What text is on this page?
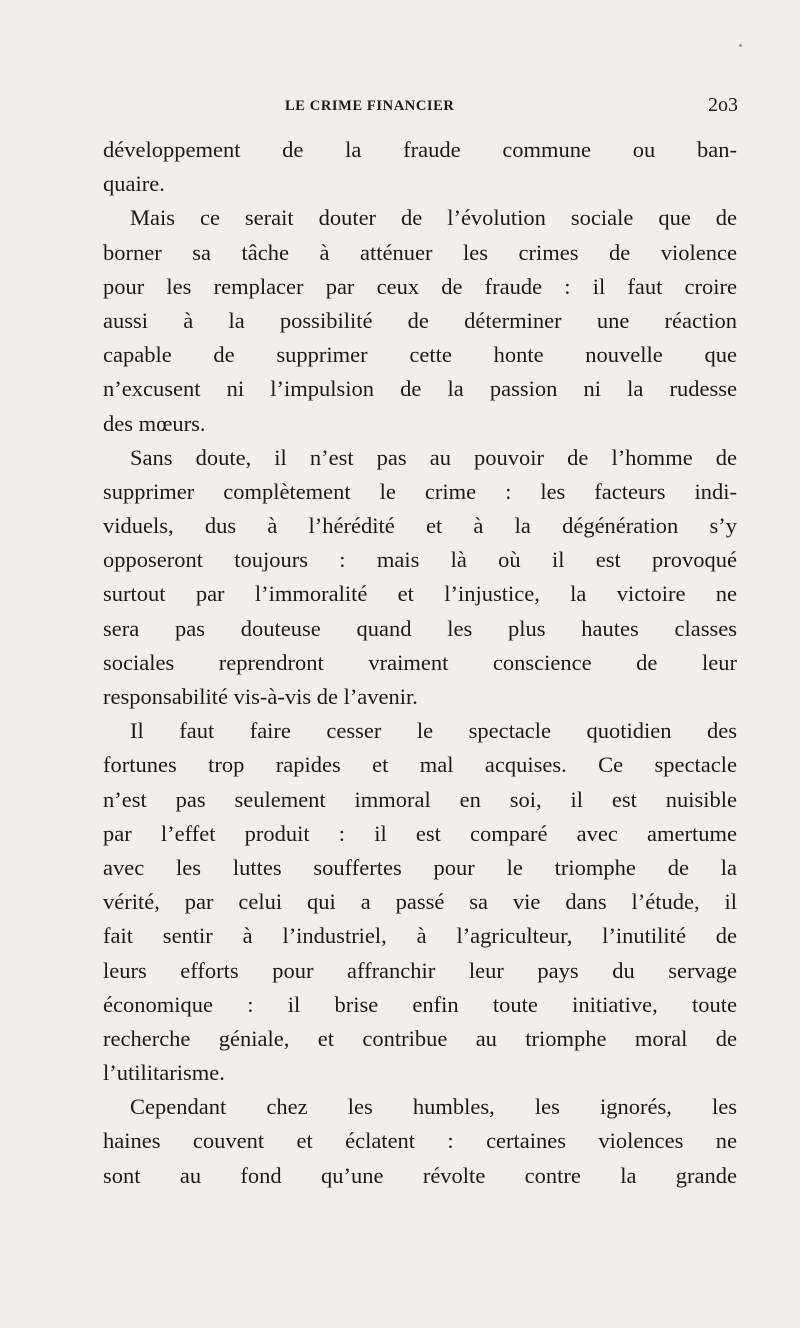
LE CRIME FINANCIER	2o3
développement de la fraude commune ou ban-
quaire.
Mais ce serait douter de l’évolution sociale que de
borner sa tâche à atténuer les crimes de violence
pour les remplacer par ceux de fraude : il faut croire
aussi à la possibilité de déterminer une réaction
capable de supprimer cette honte nouvelle que
n’excusent ni l’impulsion de la passion ni la rudesse
des mœurs.
Sans doute, il n’est pas au pouvoir de l’homme de
supprimer complètement le crime : les facteurs indi-
viduels, dus à l’hérédité et à la dégénération s’y
opposeront toujours : mais là où il est provoqué
surtout par l’immoralité et l’injustice, la victoire ne
sera pas douteuse quand les plus hautes classes
sociales reprendront vraiment conscience de leur
responsabilité vis-à-vis de l’avenir.
Il faut faire cesser le spectacle quotidien des
fortunes trop rapides et mal acquises. Ce spectacle
n’est pas seulement immoral en soi, il est nuisible
par l’effet produit : il est comparé avec amertume
avec les luttes souffertes pour le triomphe de la
vérité, par celui qui a passé sa vie dans l’étude, il
fait sentir à l’industriel, à l’agriculteur, l’inutilité de
leurs efforts pour affranchir leur pays du servage
économique : il brise enfin toute initiative, toute
recherche géniale, et contribue au triomphe moral de
l’utilitarisme.
Cependant chez les humbles, les ignorés, les
haines couvent et éclatent : certaines violences ne
sont au fond qu’une révolte contre la grande
